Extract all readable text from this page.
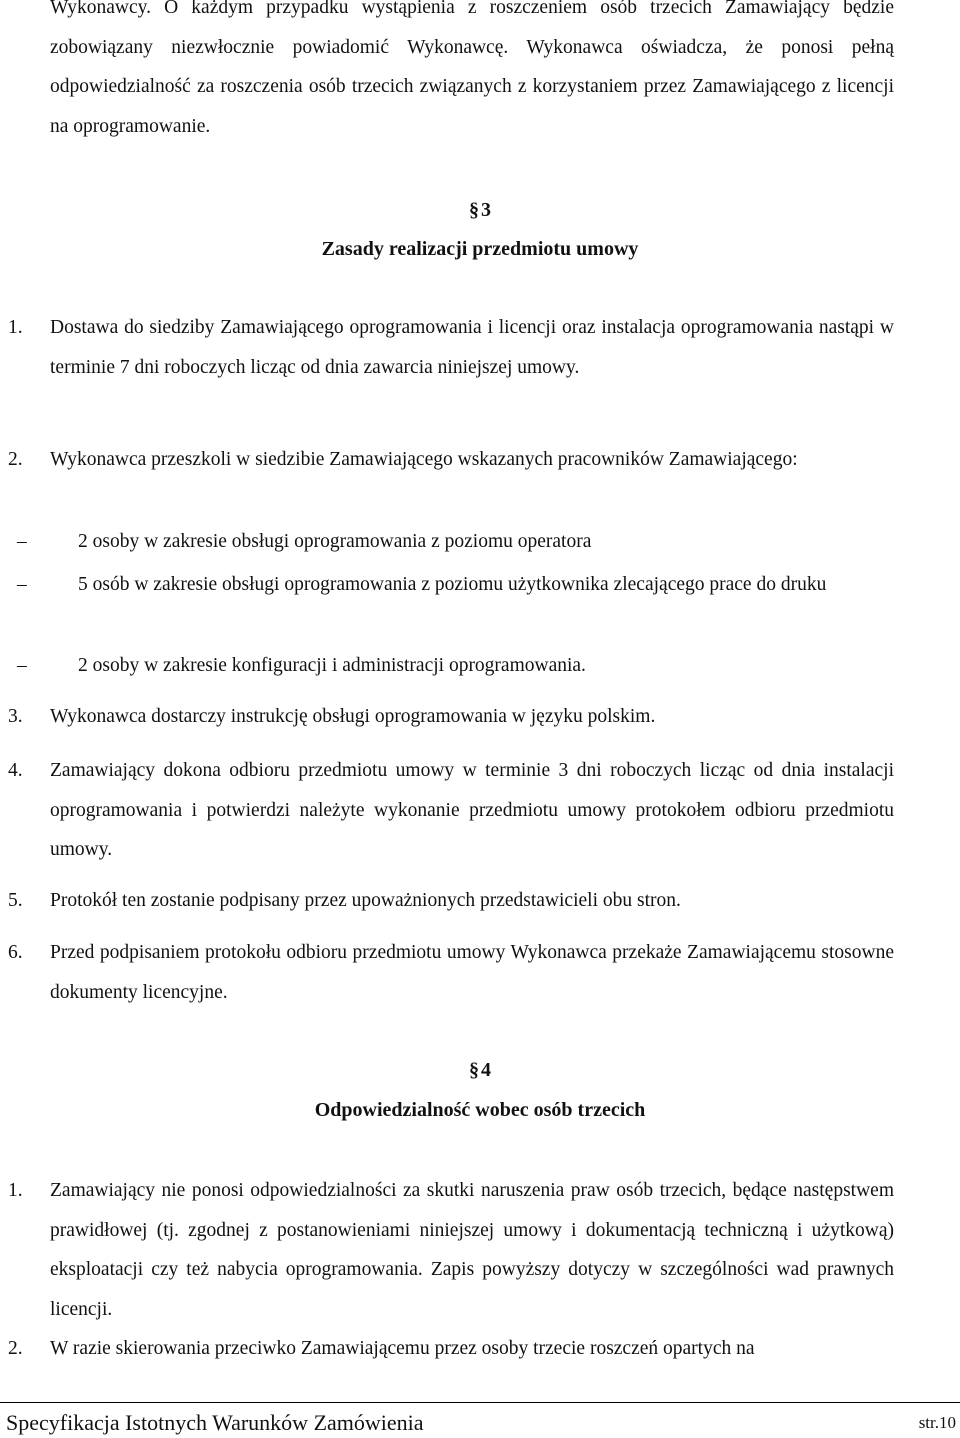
Wykonawcy. O każdym przypadku wystąpienia z roszczeniem osób trzecich Zamawiający będzie zobowiązany niezwłocznie powiadomić Wykonawcę. Wykonawca oświadcza, że ponosi pełną odpowiedzialność za roszczenia osób trzecich związanych z korzystaniem przez Zamawiającego z licencji na oprogramowanie.

§ 3
Zasady realizacji przedmiotu umowy
1.	Dostawa do siedziby Zamawiającego oprogramowania i licencji oraz instalacja oprogramowania nastąpi w terminie 7 dni roboczych licząc od dnia zawarcia niniejszej umowy.
2.	Wykonawca przeszkoli w siedzibie Zamawiającego wskazanych pracowników Zamawiającego:
–	2 osoby w zakresie obsługi oprogramowania z poziomu operatora
–	5 osób w zakresie obsługi oprogramowania z poziomu użytkownika zlecającego prace do druku
–	2 osoby w zakresie konfiguracji i administracji oprogramowania.
3.	Wykonawca dostarczy instrukcję obsługi oprogramowania w języku polskim.
4.	Zamawiający dokona odbioru przedmiotu umowy w terminie 3 dni roboczych licząc od dnia instalacji oprogramowania i potwierdzi należyte wykonanie przedmiotu umowy protokołem odbioru przedmiotu umowy.
5.	Protokół ten zostanie podpisany przez upoważnionych przedstawicieli obu stron.
6.	Przed podpisaniem protokołu odbioru przedmiotu umowy Wykonawca przekaże Zamawiającemu stosowne dokumenty licencyjne.
§ 4
Odpowiedzialność wobec osób trzecich
1.	Zamawiający nie ponosi odpowiedzialności za skutki naruszenia praw osób trzecich, będące następstwem prawidłowej (tj. zgodnej z postanowieniami niniejszej umowy i dokumentacją techniczną i użytkową) eksploatacji czy też nabycia oprogramowania. Zapis powyższy dotyczy w szczególności wad prawnych licencji.
2.	W razie skierowania przeciwko Zamawiającemu przez osoby trzecie roszczeń opartych na
Specyfikacja Istotnych Warunków Zamówienia	str.10
